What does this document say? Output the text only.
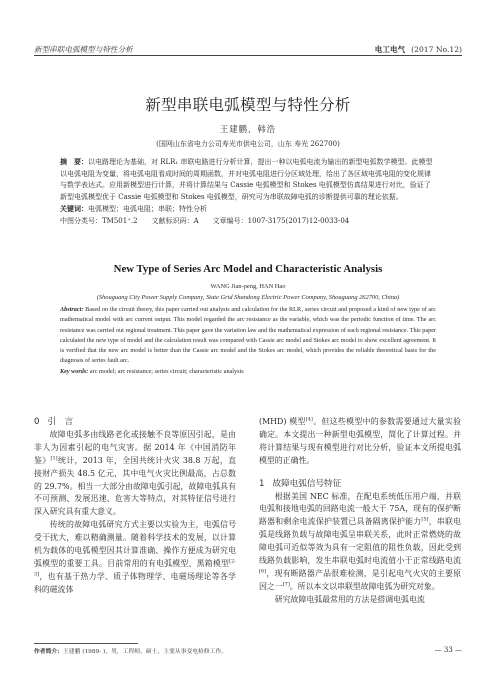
新型串联电弧模型与特性分析	电工电气 (2017 No.12)
新型串联电弧模型与特性分析
王建鹏，韩浩
(国网山东省电力公司寿光市供电公司，山东 寿光 262700)

摘　要：以电路理论为基础，对 RLR₁ 串联电路进行分析计算，提出一种以电弧电流为输出的新型电弧数学模型。此模型以电弧电阻为变量，将电弧电阻看成时间的周期函数，并对电弧电阻进行分区域处理，给出了各区域电弧电阻的变化规律与数学表达式。应用新模型进行计算，并将计算结果与 Cassie 电弧模型和 Stokes 电弧模型仿真结果进行对比，验证了新型电弧模型优于 Cassie 电弧模型和 Stokes 电弧模型，研究可为串联故障电弧的诊断提供可靠的理论依据。

关键词：电弧模型；电弧电阻；串联；特性分析

中图分类号：TM501⁺.2　　文献标识码：A　　文章编号：1007-3175(2017)12-0033-04

New Type of Series Arc Model and Characteristic Analysis
WANG Jian-peng, HAN Hao
(Shouguang City Power Supply Company, State Grid Shandong Electric Power Company, Shouguang 262700, China)

Abstract: Based on the circuit theory, this paper carried out analysis and calculation for the RLR₁ series circuit and proposed a kind of new type of arc mathematical model with arc current output. This model regarded the arc resistance as the variable, which was the periodic function of time. The arc resistance was carried out regional treatment. This paper gave the variation law and the mathematical expression of each regional resistance. This paper calculated the new type of model and the calculation result was compared with Cassie arc model and Stokes arc model to show excellent agreement. It is verified that the new arc model is better than the Cassie arc model and the Stokes arc model, which provides the reliable theoretical basis for the diagnosis of series fault arc.

Key words: arc model; arc resistance; series circuit; characteristic analysis

0 引　言

故障电弧多由线路老化或接触不良等原因引起，是由非人为因素引起的电气灾害。据 2014 年《中国消防年鉴》[1]统计，2013 年，全国共统计火灾 38.8 万起，直接财产损失 48.5 亿元，其中电气火灾比例最高，占总数的 29.7%。相当一大部分由故障电弧引起，故障电弧具有不可预测、发展迅速、危害大等特点，对其特征信号进行深入研究具有重大意义。

传统的故障电弧研究方式主要以实验为主，电弧信号受干扰大，难以精确测量。随着科学技术的发展，以计算机为载体的电弧模型因其计算准确、操作方便成为研究电弧模型的重要工具。目前常用的有电弧模型、黑箱模型[2-3]，也有基于热力学、质子体物理学、电磁场理论等各学科的磁流体

(MHD) 模型[4]。但这些模型中的参数需要通过大量实验确定。本文提出一种新型电弧模型，简化了计算过程。并将计算结果与现有模型进行对比分析，验证本文所提电弧模型的正确性。

1 故障电弧信号特征

根据美国 NEC 标准，在配电系统低压用户端，并联电弧和接地电弧的回路电流一般大于 75A，现有的保护断路器和剩余电流保护装置已具备隔离保护能力[5]，串联电弧是线路负载与故障电弧呈串联关系，此时正常燃烧的故障电弧可近似等效为具有一定阻值的阻性负载，因此受到线路负载影响，发生串联电弧时电流值小于正常线路电流[6]，现有断路器产品很难检测，是引起电气火灾的主要原因之一[7]。所以本文以串联型故障电弧为研究对象。

研究故障电弧最常用的方法是搭调电弧电流

作者简介：王建鹏 (1989- )，男，工程师，硕士，主要从事变电检修工作。	— 33 —
